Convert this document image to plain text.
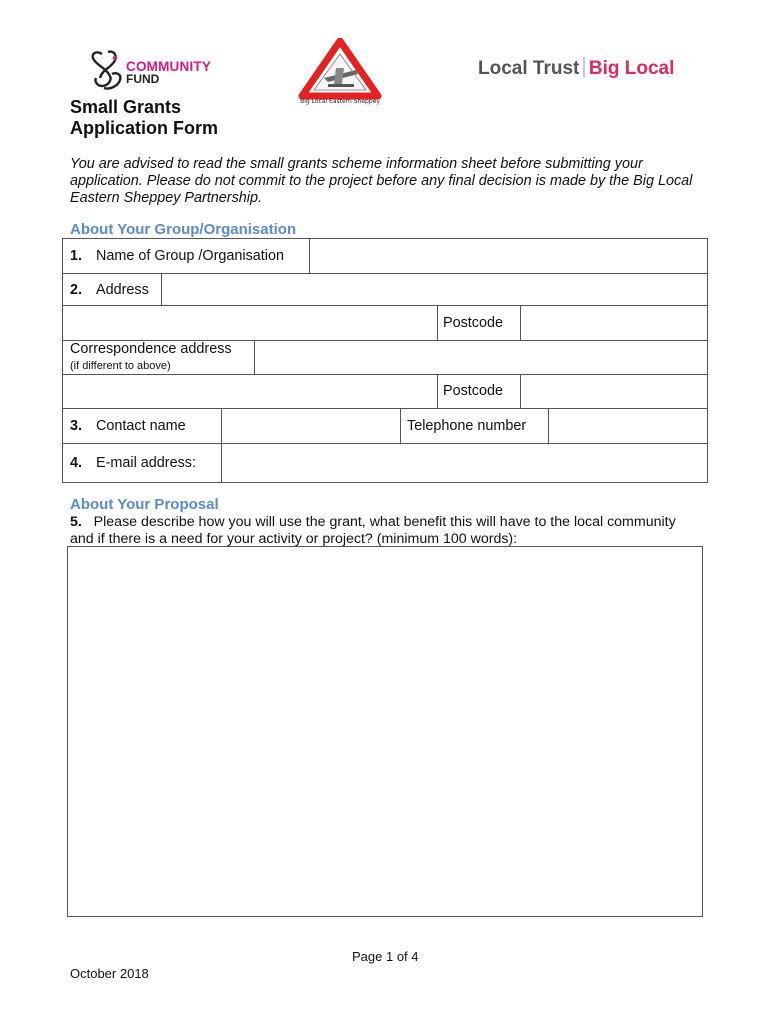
COMMUNITY
FUND
Big Local Eastern Sheppey
Local Trust Big Local
Small Grants
Application Form
You are advised to read the small grants scheme information sheet before submitting your application. Please do not commit to the project before any final decision is made by the Big Local Eastern Sheppey Partnership.
About Your Group/Organisation
1. Name of Group /Organisation
2. Address
Postcode
Correspondence address
(if different to above)
Postcode
3. Contact name	Telephone number
4. E-mail address:
About Your Proposal
5. Please describe how you will use the grant, what benefit this will have to the local community and if there is a need for your activity or project? (minimum 100 words):
Page 1 of 4
October 2018
